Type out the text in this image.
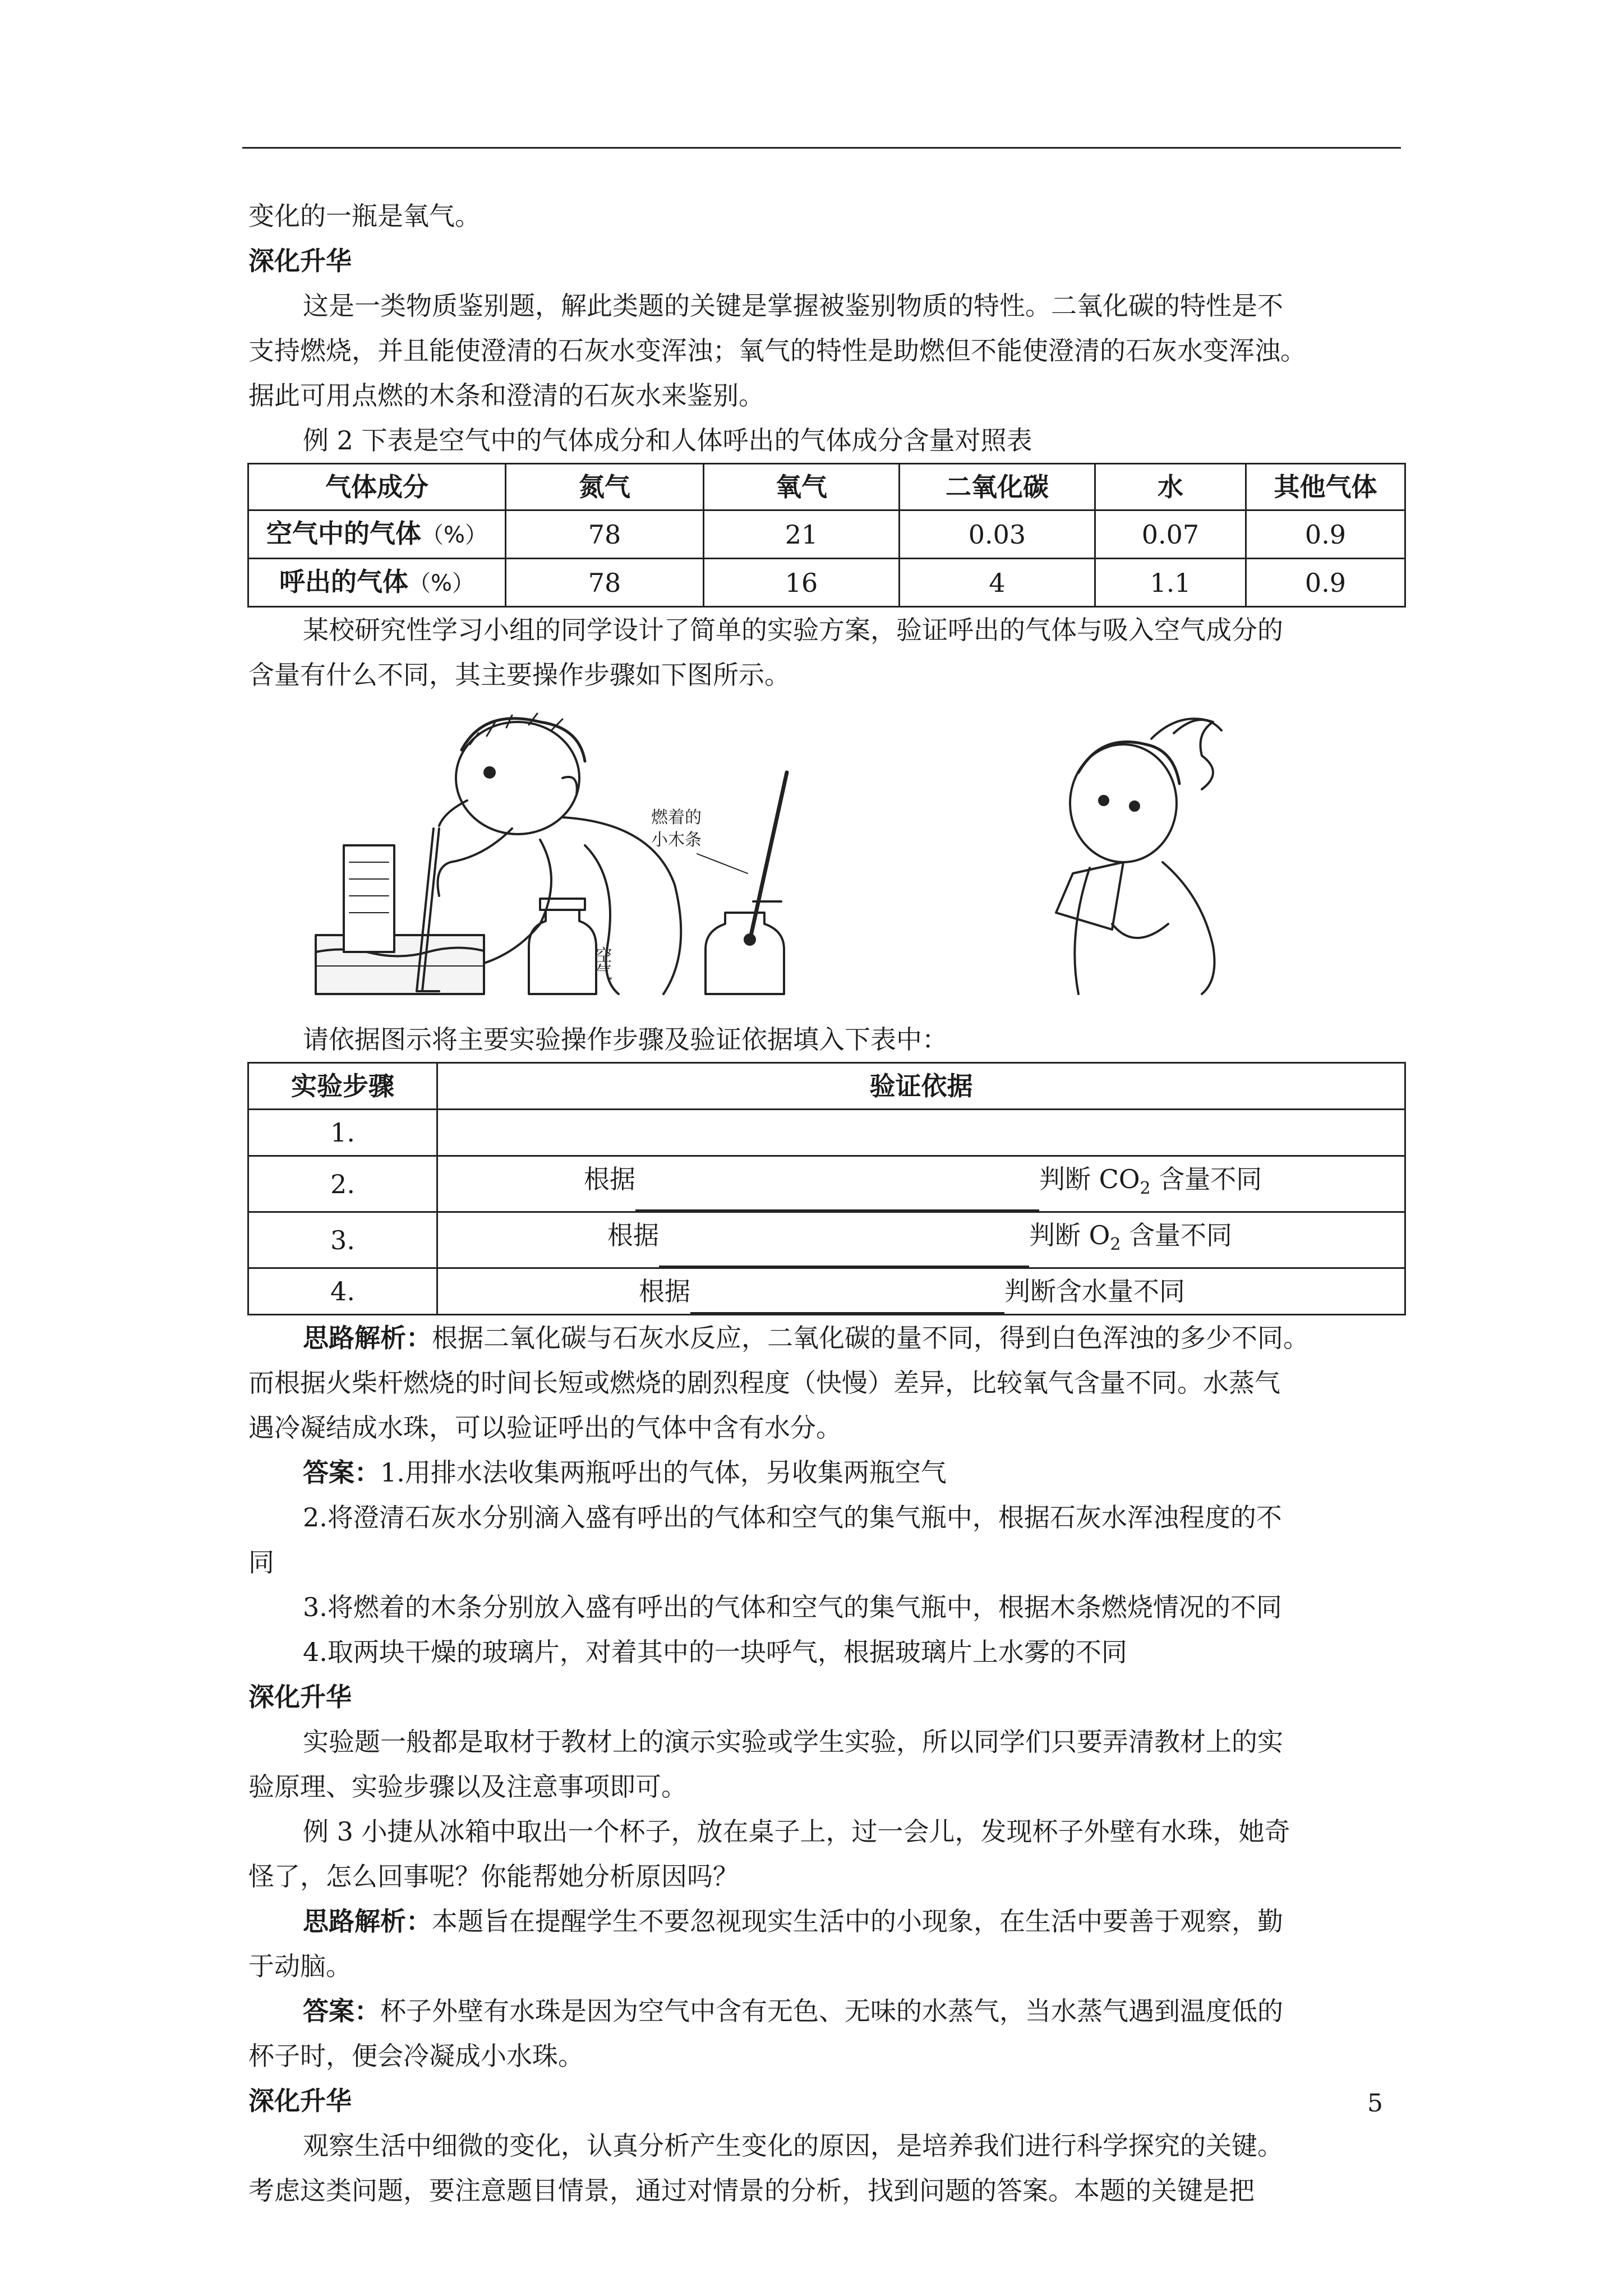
变化的一瓶是氧气。
深化升华
这是一类物质鉴别题，解此类题的关键是掌握被鉴别物质的特性。二氧化碳的特性是不
支持燃烧，并且能使澄清的石灰水变浑浊；氧气的特性是助燃但不能使澄清的石灰水变浑浊。
据此可用点燃的木条和澄清的石灰水来鉴别。
例 2 下表是空气中的气体成分和人体呼出的气体成分含量对照表
气体成分	氮气	氧气	二氧化碳	水	其他气体
空气中的气体（%）	78	21	0.03	0.07	0.9
呼出的气体（%）	78	16	4	1.1	0.9
某校研究性学习小组的同学设计了简单的实验方案，验证呼出的气体与吸入空气成分的
含量有什么不同，其主要操作步骤如下图所示。
燃着的
小木条
空气
请依据图示将主要实验操作步骤及验证依据填入下表中：
实验步骤	验证依据
1.	
2.	根据 判断 $CO_2$ 含量不同
3.	根据 判断 $O_2$ 含量不同
4.	根据 判断含水量不同
思路解析：根据二氧化碳与石灰水反应，二氧化碳的量不同，得到白色浑浊的多少不同。
而根据火柴杆燃烧的时间长短或燃烧的剧烈程度（快慢）差异，比较氧气含量不同。水蒸气
遇冷凝结成水珠，可以验证呼出的气体中含有水分。
答案：1.用排水法收集两瓶呼出的气体，另收集两瓶空气
2.将澄清石灰水分别滴入盛有呼出的气体和空气的集气瓶中，根据石灰水浑浊程度的不
同
3.将燃着的木条分别放入盛有呼出的气体和空气的集气瓶中，根据木条燃烧情况的不同
4.取两块干燥的玻璃片，对着其中的一块呼气，根据玻璃片上水雾的不同
深化升华
实验题一般都是取材于教材上的演示实验或学生实验，所以同学们只要弄清教材上的实
验原理、实验步骤以及注意事项即可。
例 3 小捷从冰箱中取出一个杯子，放在桌子上，过一会儿，发现杯子外壁有水珠，她奇
怪了，怎么回事呢？你能帮她分析原因吗？
思路解析：本题旨在提醒学生不要忽视现实生活中的小现象，在生活中要善于观察，勤
于动脑。
答案：杯子外壁有水珠是因为空气中含有无色、无味的水蒸气，当水蒸气遇到温度低的
杯子时，便会冷凝成小水珠。
深化升华
观察生活中细微的变化，认真分析产生变化的原因，是培养我们进行科学探究的关键。
考虑这类问题，要注意题目情景，通过对情景的分析，找到问题的答案。本题的关键是把
5
